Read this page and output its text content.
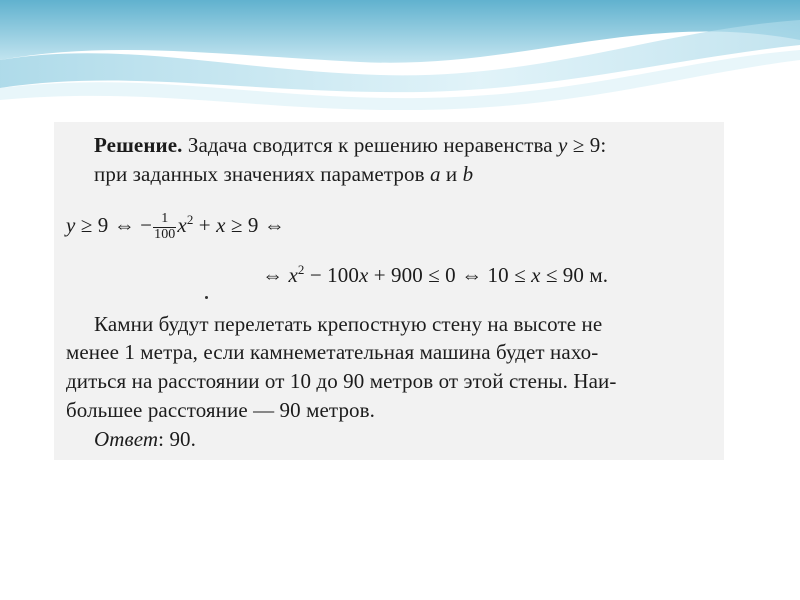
Решение. Задача сводится к решению неравенства y ≥ 9:
при заданных значениях параметров a и b
y ≥ 9 ⇔ − $\frac{1}{100} x^2 + x \ge 9$ ⇔
⇔ $x^2 - 100x + 900 \le 0$ ⇔ 10 ≤ x ≤ 90 м.
Камни будут перелетать крепостную стену на высоте не
менее 1 метра, если камнеметательная машина будет нахо-
диться на расстоянии от 10 до 90 метров от этой стены. Наи-
большее расстояние — 90 метров.
Ответ: 90.
